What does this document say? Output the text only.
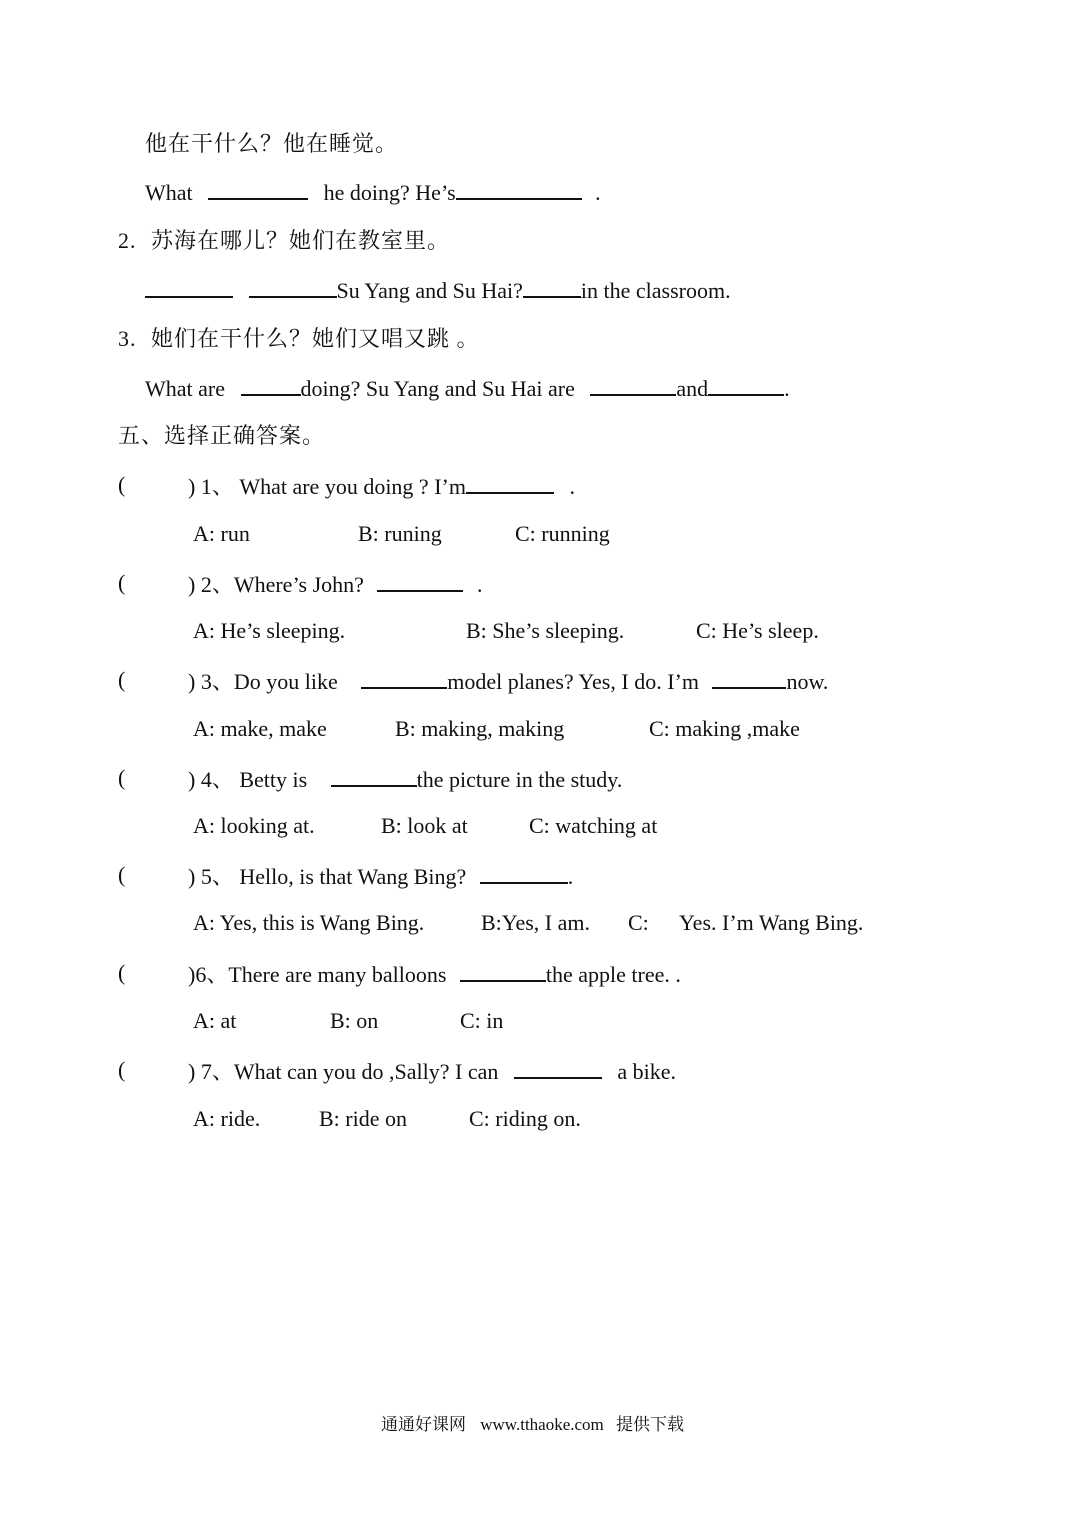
他在干什么？他在睡觉。
What	he doing? He’s	.
2. 苏海在哪儿？她们在教室里。
Su Yang and Su Hai?	in the classroom.
3. 她们在干什么？她们又唱又跳 。
What are	doing? Su Yang and Su Hai are	and	.
五、选择正确答案。
(	) 1、 What are you doing ? I’m	.
A: run	B: runing	C: running
(	) 2、Where’s John?	.
A: He’s sleeping.	B: She’s sleeping.	C: He’s sleep.
(	) 3、Do you like	model planes? Yes, I do. I’m	now.
A: make, make	B: making, making	C: making ,make
(	) 4、 Betty is	the picture in the study.
A: looking at.	B: look at	C: watching at
(	) 5、 Hello, is that Wang Bing?	.
A: Yes, this is Wang Bing.	B:Yes, I am. C: Yes. I’m Wang Bing.
(	)6、There are many balloons	the apple tree. .
A: at	B: on	C: in
(	) 7、What can you do ,Sally? I can	a bike.
A: ride.	B: ride on	C: riding on.
通通好课网 www.tthaoke.com 提供下载
